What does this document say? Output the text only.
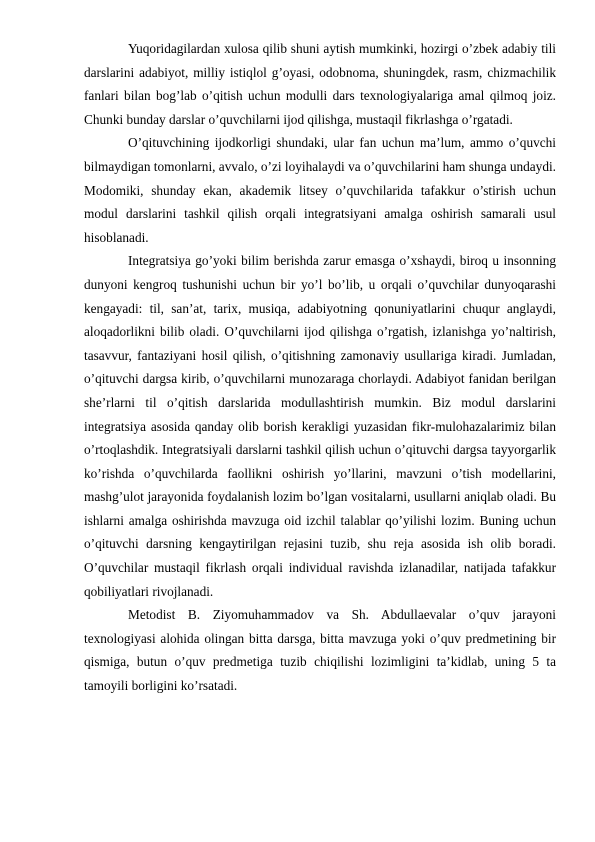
Yuqoridagilardan xulosa qilib shuni aytish mumkinki, hozirgi o’zbek adabiy tili darslarini adabiyot, milliy istiqlol g’oyasi, odobnoma, shuningdek, rasm, chizmachilik fanlari bilan bog’lab o’qitish uchun modulli dars texnologiyalariga amal qilmoq joiz. Chunki bunday darslar o’quvchilarni ijod qilishga, mustaqil fikrlashga o’rgatadi.

O’qituvchining ijodkorligi shundaki, ular fan uchun ma’lum, ammo o’quvchi bilmaydigan tomonlarni, avvalo, o’zi loyihalaydi va o’quvchilarini ham shunga undaydi. Modomiki, shunday ekan, akademik litsey o’quvchilarida tafakkur o’stirish uchun modul darslarini tashkil qilish orqali integratsiyani amalga oshirish samarali usul hisoblanadi.

Integratsiya go’yoki bilim berishda zarur emasga o’xshaydi, biroq u insonning dunyoni kengroq tushunishi uchun bir yo’l bo’lib, u orqali o’quvchilar dunyoqarashi kengayadi: til, san’at, tarix, musiqa, adabiyotning qonuniyatlarini chuqur anglaydi, aloqadorlikni bilib oladi. O’quvchilarni ijod qilishga o’rgatish, izlanishga yo’naltirish, tasavvur, fantaziyani hosil qilish, o’qitishning zamonaviy usullariga kiradi. Jumladan, o’qituvchi dargsa kirib, o’quvchilarni munozaraga chorlaydi. Adabiyot fanidan berilgan she’rlarni til o’qitish darslarida modullashtirish mumkin. Biz modul darslarini integratsiya asosida qanday olib borish kerakligi yuzasidan fikr-mulohazalarimiz bilan o’rtoqlashdik. Integratsiyali darslarni tashkil qilish uchun o’qituvchi dargsa tayyorgarlik ko’rishda o’quvchilarda faollikni oshirish yo’llarini, mavzuni o’tish modellarini, mashg’ulot jarayonida foydalanish lozim bo’lgan vositalarni, usullarni aniqlab oladi. Bu ishlarni amalga oshirishda mavzuga oid izchil talablar qo’yilishi lozim. Buning uchun o’qituvchi darsning kengaytirilgan rejasini tuzib, shu reja asosida ish olib boradi. O’quvchilar mustaqil fikrlash orqali individual ravishda izlanadilar, natijada tafakkur qobiliyatlari rivojlanadi.

Metodist B. Ziyomuhammadov va Sh. Abdullaevalar o’quv jarayoni texnologiyasi alohida olingan bitta darsga, bitta mavzuga yoki o’quv predmetining bir qismiga, butun o’quv predmetiga tuzib chiqilishi lozimligini ta’kidlab, uning 5 ta tamoyili borligini ko’rsatadi.
